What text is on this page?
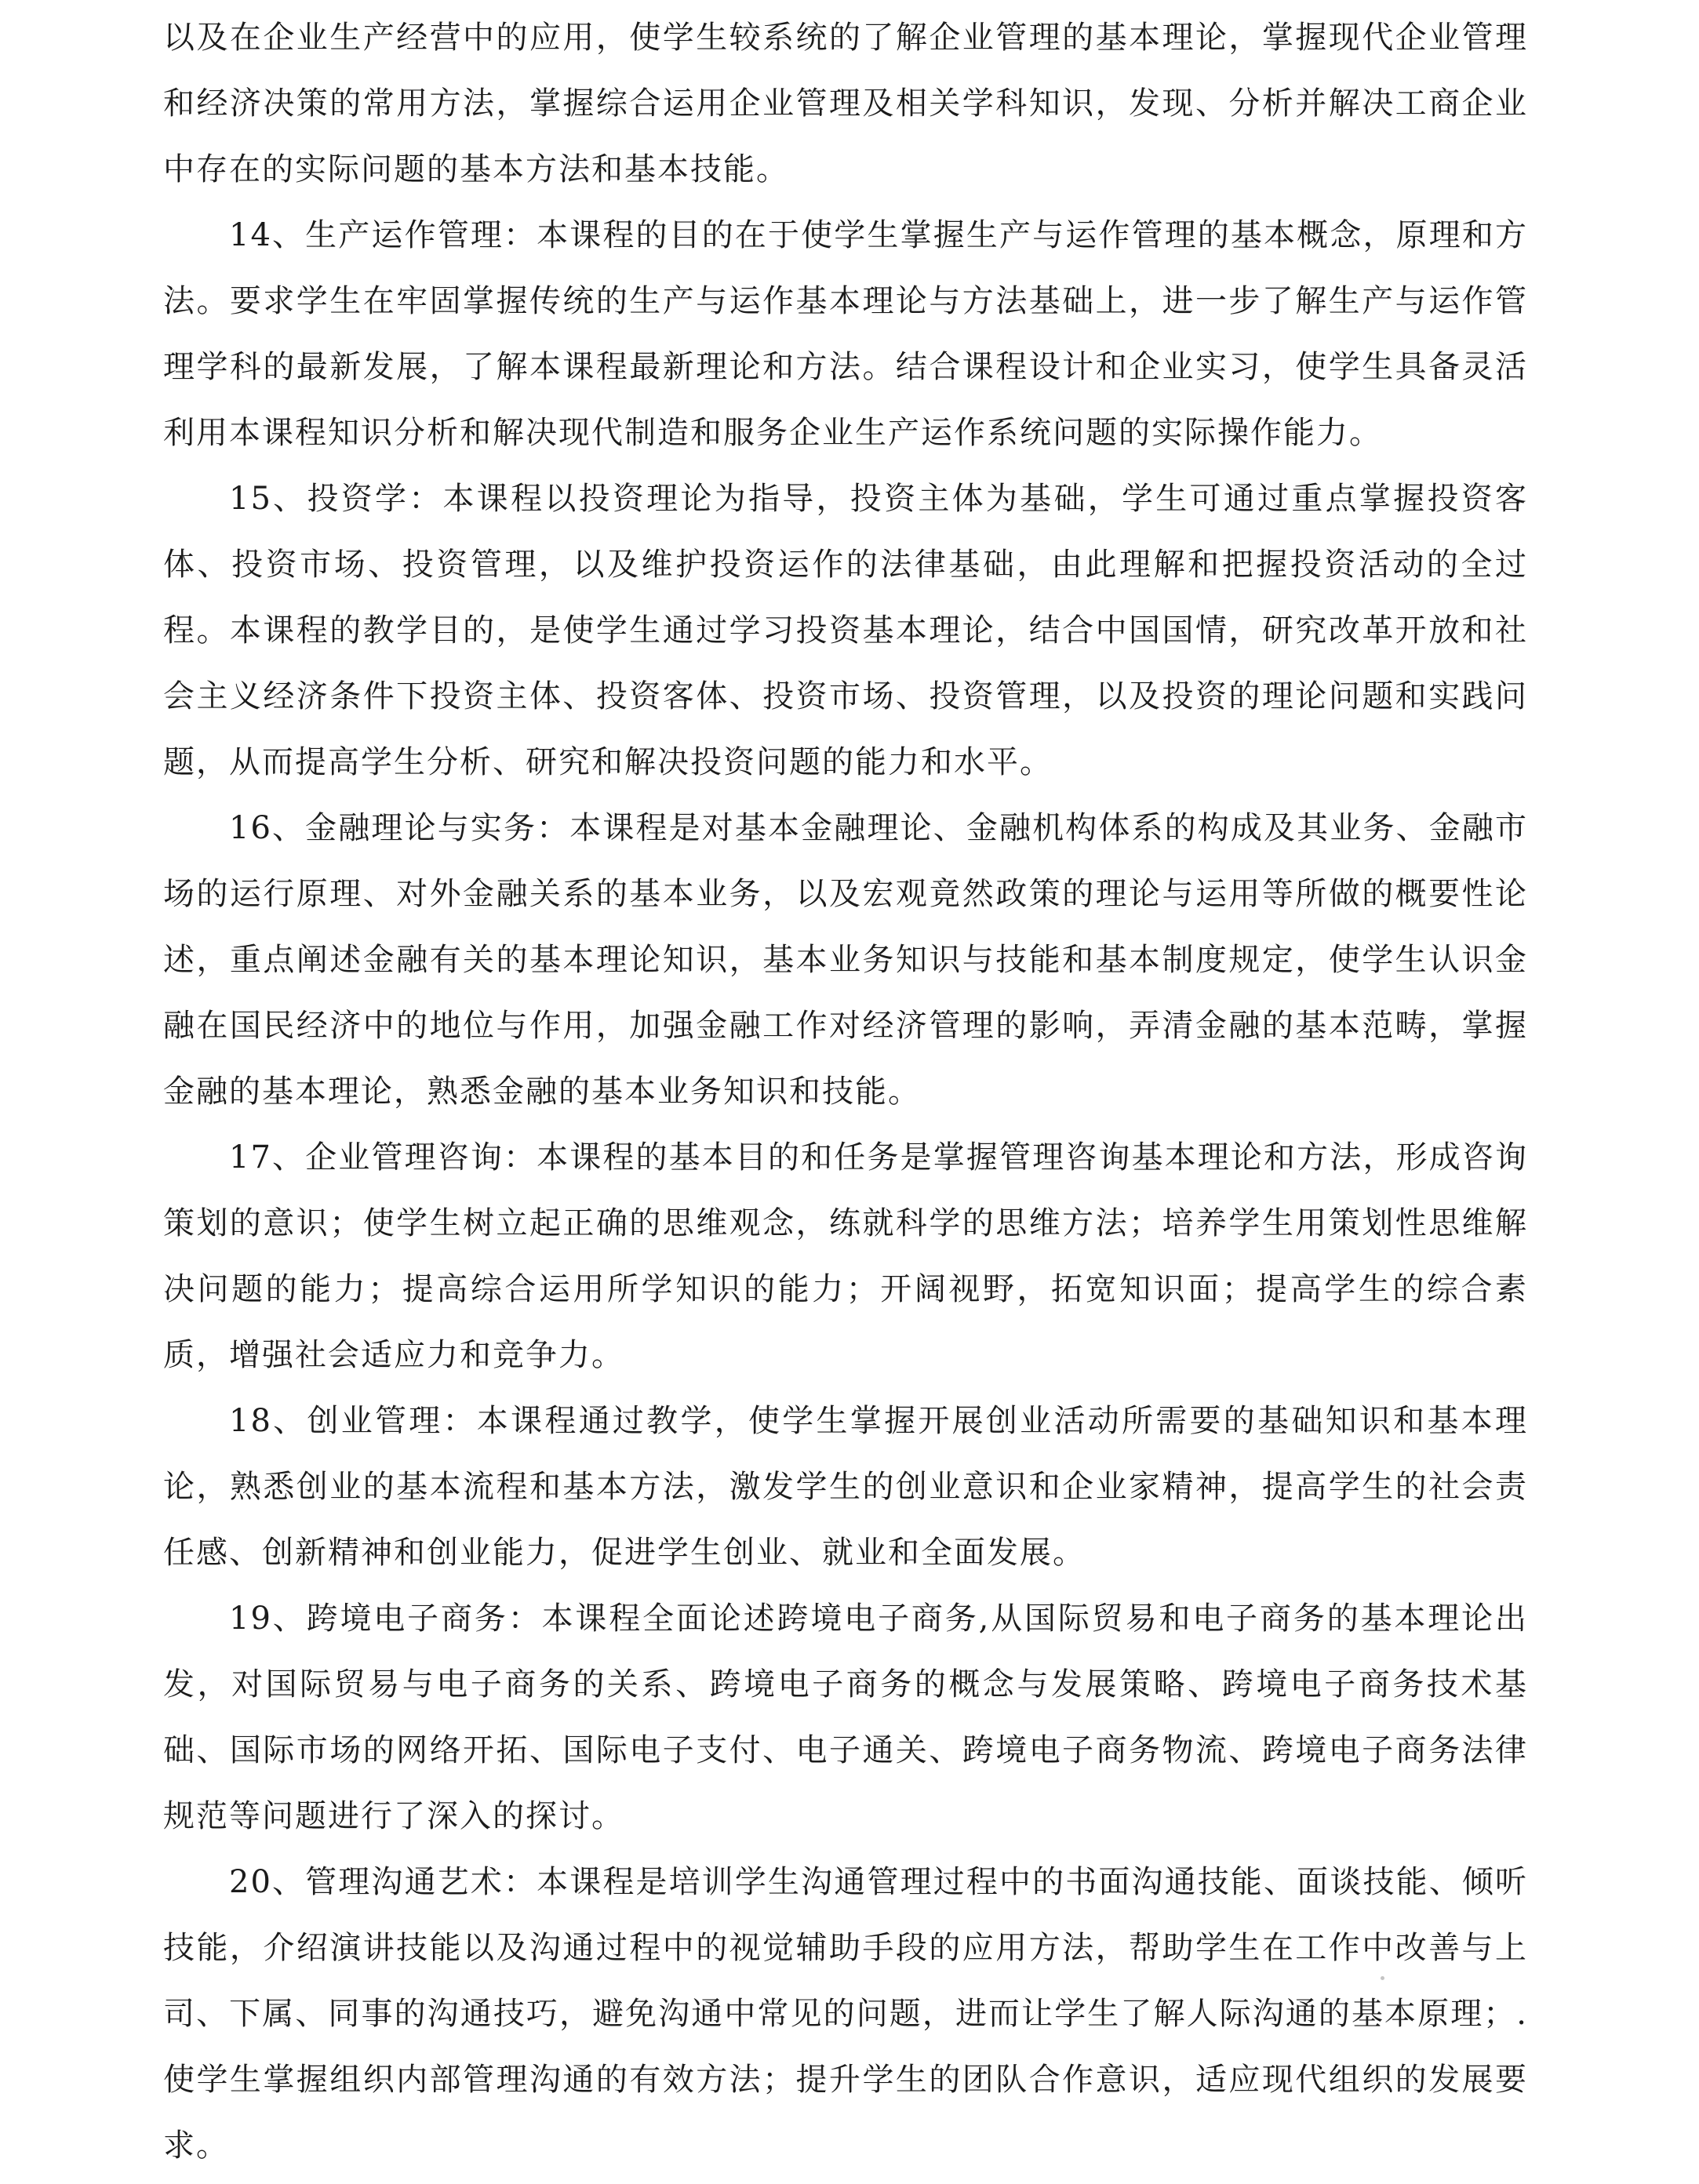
以及在企业生产经营中的应用，使学生较系统的了解企业管理的基本理论，掌握现代企业管理和经济决策的常用方法，掌握综合运用企业管理及相关学科知识，发现、分析并解决工商企业中存在的实际问题的基本方法和基本技能。

14、生产运作管理：本课程的目的在于使学生掌握生产与运作管理的基本概念，原理和方法。要求学生在牢固掌握传统的生产与运作基本理论与方法基础上，进一步了解生产与运作管理学科的最新发展，了解本课程最新理论和方法。结合课程设计和企业实习，使学生具备灵活利用本课程知识分析和解决现代制造和服务企业生产运作系统问题的实际操作能力。

15、投资学：本课程以投资理论为指导，投资主体为基础，学生可通过重点掌握投资客体、投资市场、投资管理，以及维护投资运作的法律基础，由此理解和把握投资活动的全过程。本课程的教学目的，是使学生通过学习投资基本理论，结合中国国情，研究改革开放和社会主义经济条件下投资主体、投资客体、投资市场、投资管理，以及投资的理论问题和实践问题，从而提高学生分析、研究和解决投资问题的能力和水平。

16、金融理论与实务：本课程是对基本金融理论、金融机构体系的构成及其业务、金融市场的运行原理、对外金融关系的基本业务，以及宏观竟然政策的理论与运用等所做的概要性论述，重点阐述金融有关的基本理论知识，基本业务知识与技能和基本制度规定，使学生认识金融在国民经济中的地位与作用，加强金融工作对经济管理的影响，弄清金融的基本范畴，掌握金融的基本理论，熟悉金融的基本业务知识和技能。

17、企业管理咨询：本课程的基本目的和任务是掌握管理咨询基本理论和方法，形成咨询策划的意识；使学生树立起正确的思维观念，练就科学的思维方法；培养学生用策划性思维解决问题的能力；提高综合运用所学知识的能力；开阔视野，拓宽知识面；提高学生的综合素质，增强社会适应力和竞争力。

18、创业管理：本课程通过教学，使学生掌握开展创业活动所需要的基础知识和基本理论，熟悉创业的基本流程和基本方法，激发学生的创业意识和企业家精神，提高学生的社会责任感、创新精神和创业能力，促进学生创业、就业和全面发展。

19、跨境电子商务：本课程全面论述跨境电子商务,从国际贸易和电子商务的基本理论出发，对国际贸易与电子商务的关系、跨境电子商务的概念与发展策略、跨境电子商务技术基础、国际市场的网络开拓、国际电子支付、电子通关、跨境电子商务物流、跨境电子商务法律规范等问题进行了深入的探讨。

20、管理沟通艺术：本课程是培训学生沟通管理过程中的书面沟通技能、面谈技能、倾听技能，介绍演讲技能以及沟通过程中的视觉辅助手段的应用方法，帮助学生在工作中改善与上司、下属、同事的沟通技巧，避免沟通中常见的问题，进而让学生了解人际沟通的基本原理；.使学生掌握组织内部管理沟通的有效方法；提升学生的团队合作意识，适应现代组织的发展要求。
